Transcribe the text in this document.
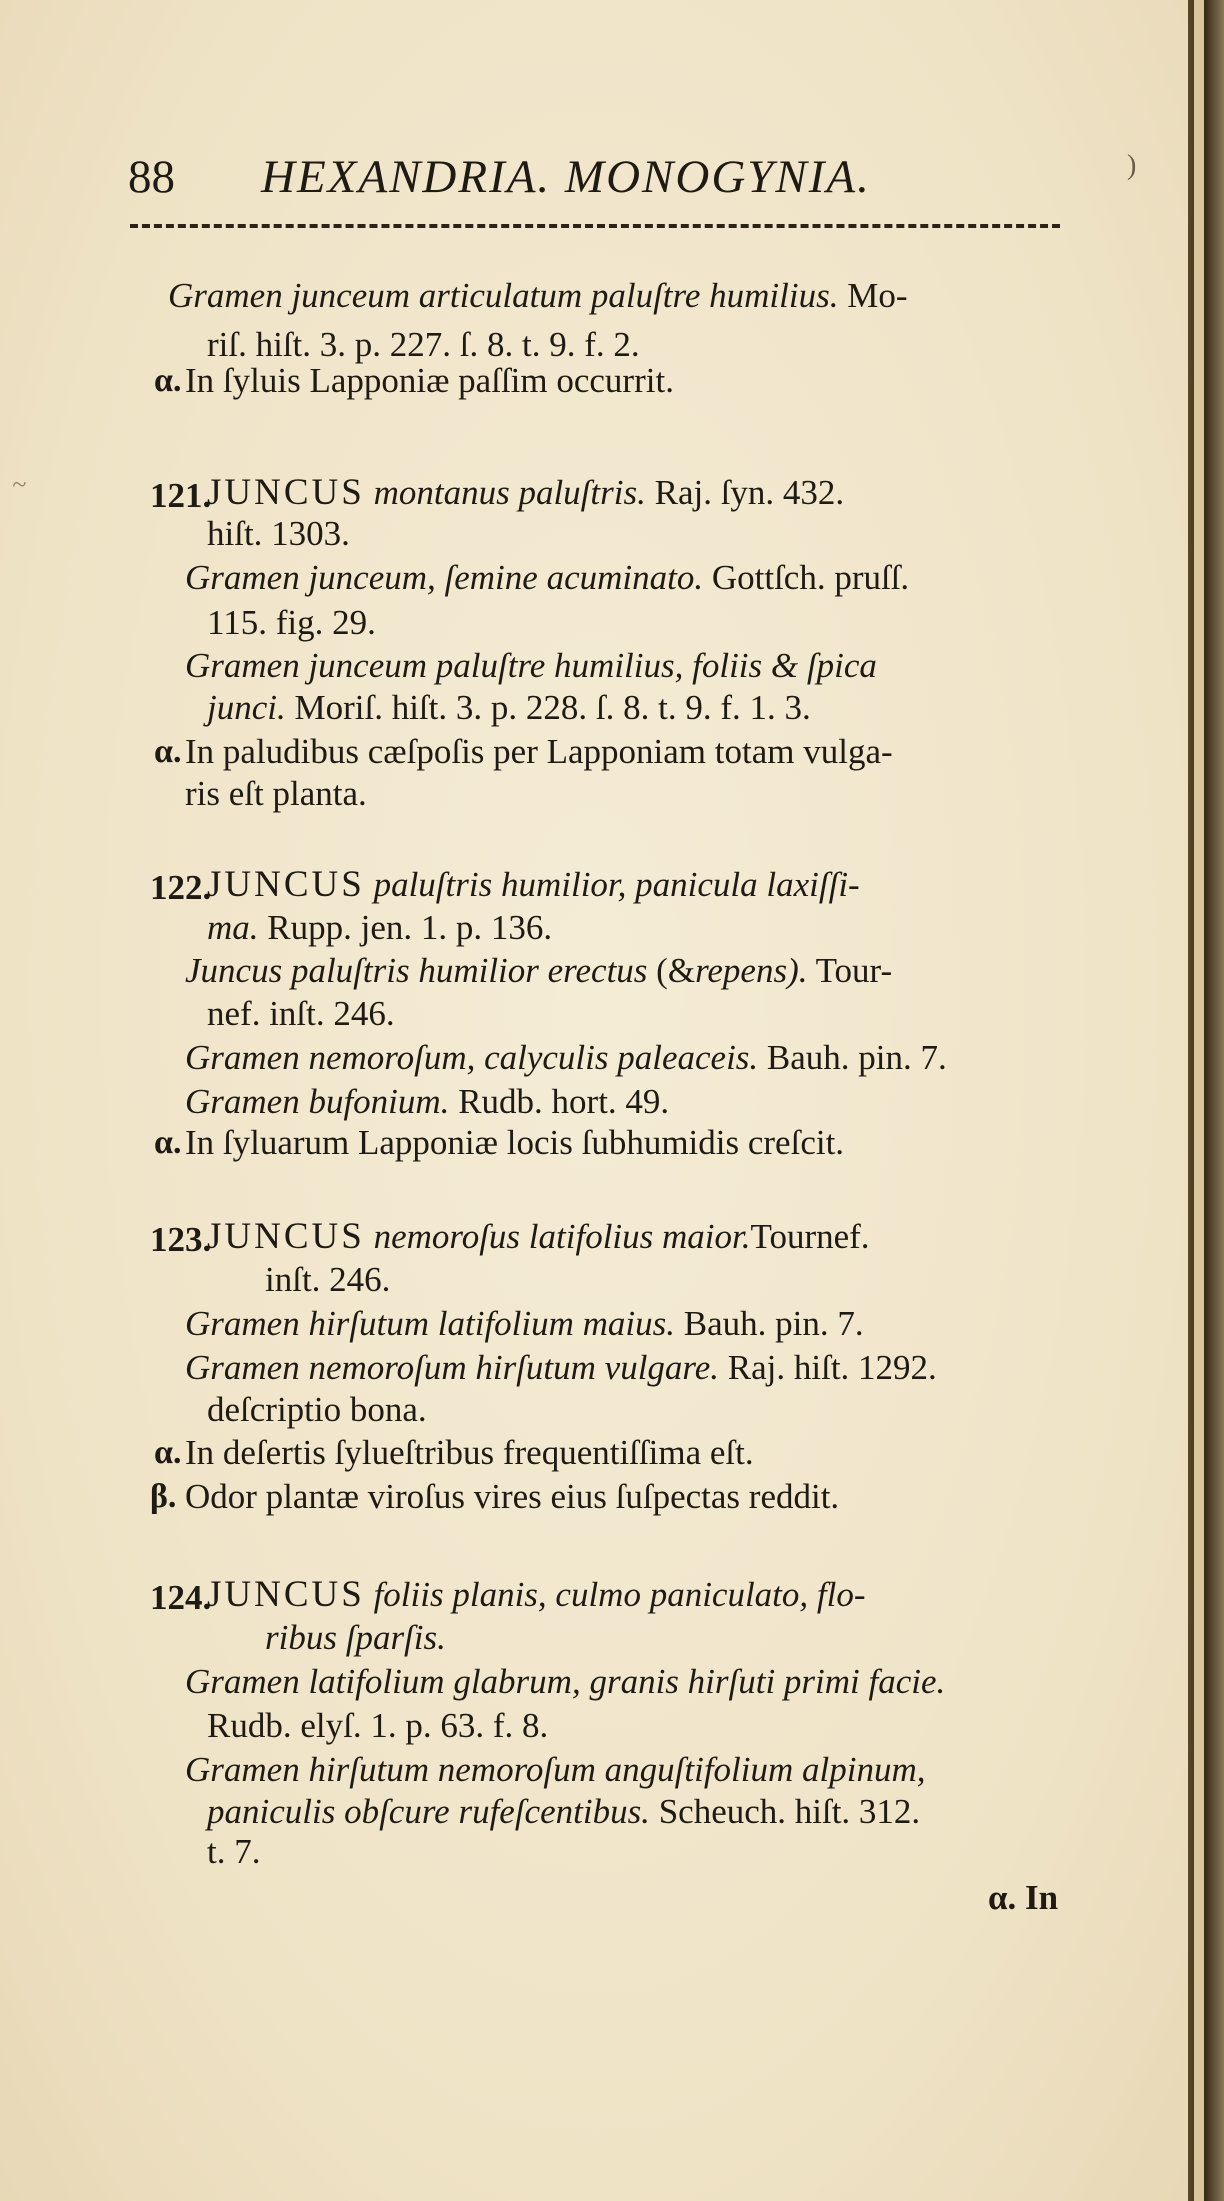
88 HEXANDRIA. MONOGYNIA.	)
Gramen junceum articulatum paluſtre humilius. Mo-
riſ. hiſt. 3. p. 227. ſ. 8. t. 9. f. 2.
α. In ſyluis Lapponiæ paſſim occurrit.
~	121.
JUNCUS montanus paluſtris. Raj. ſyn. 432.
hiſt. 1303.
Gramen junceum, ſemine acuminato. Gottſch. pruſſ.
115. fig. 29.
Gramen junceum paluſtre humilius, foliis & ſpica
junci. Moriſ. hiſt. 3. p. 228. ſ. 8. t. 9. f. 1. 3.
α. In paludibus cæſpoſis per Lapponiam totam vulga-
ris eſt planta.
122.
JUNCUS paluſtris humilior, panicula laxiſſi-
ma. Rupp. jen. 1. p. 136.
Juncus paluſtris humilior erectus (&repens). Tour-
nef. inſt. 246.
Gramen nemoroſum, calyculis paleaceis. Bauh. pin. 7.
Gramen bufonium. Rudb. hort. 49.
α. In ſyluarum Lapponiæ locis ſubhumidis creſcit.
123.
JUNCUS nemoroſus latifolius maior.Tournef.
inſt. 246.
Gramen hirſutum latifolium maius. Bauh. pin. 7.
Gramen nemoroſum hirſutum vulgare. Raj. hiſt. 1292.
deſcriptio bona.
α. In deſertis ſylueſtribus frequentiſſima eſt.
β. Odor plantæ viroſus vires eius ſuſpectas reddit.
124.
JUNCUS foliis planis, culmo paniculato, flo-
ribus ſparſis.
Gramen latifolium glabrum, granis hirſuti primi facie.
Rudb. elyſ. 1. p. 63. f. 8.
Gramen hirſutum nemoroſum anguſtifolium alpinum,
paniculis obſcure rufeſcentibus. Scheuch. hiſt. 312.
t. 7.
α. In
